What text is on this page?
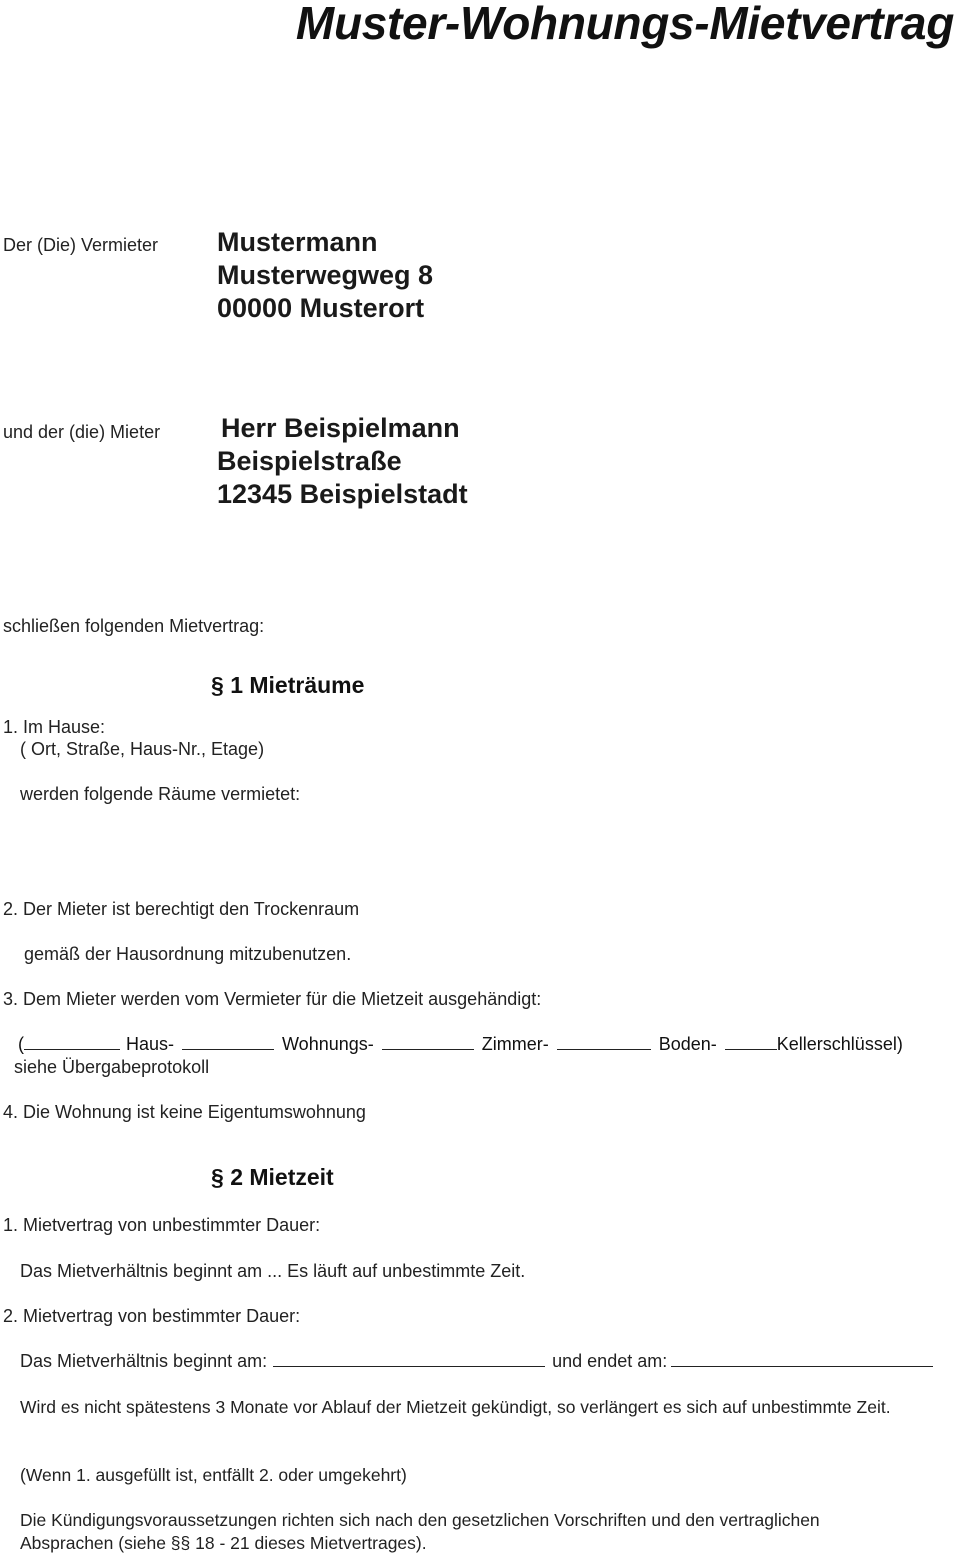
Muster-Wohnungs-Mietvertrag
Der (Die) Vermieter Mustermann
Musterwegweg 8
00000 Musterort
und der (die) Mieter Herr Beispielmann
Beispielstraße
12345 Beispielstadt
schließen folgenden Mietvertrag:
§ 1 Mieträume
1. Im Hause:
( Ort, Straße, Haus-Nr., Etage)
werden folgende Räume vermietet:
2. Der Mieter ist berechtigt den Trockenraum
gemäß der Hausordnung mitzubenutzen.
3. Dem Mieter werden vom Vermieter für die Mietzeit ausgehändigt:
(	Haus-	Wohnungs-	Zimmer-	Boden-	Kellerschlüssel)
siehe Übergabeprotokoll
4. Die Wohnung ist keine Eigentumswohnung
§ 2 Mietzeit
1. Mietvertrag von unbestimmter Dauer:
Das Mietverhältnis beginnt am ... Es läuft auf unbestimmte Zeit.
2. Mietvertrag von bestimmter Dauer:
Das Mietverhältnis beginnt am:	und endet am:
Wird es nicht spätestens 3 Monate vor Ablauf der Mietzeit gekündigt, so verlängert es sich auf unbestimmte Zeit.
(Wenn 1. ausgefüllt ist, entfällt 2. oder umgekehrt)
Die Kündigungsvoraussetzungen richten sich nach den gesetzlichen Vorschriften und den vertraglichen Absprachen (siehe §§ 18 - 21 dieses Mietvertrages).
